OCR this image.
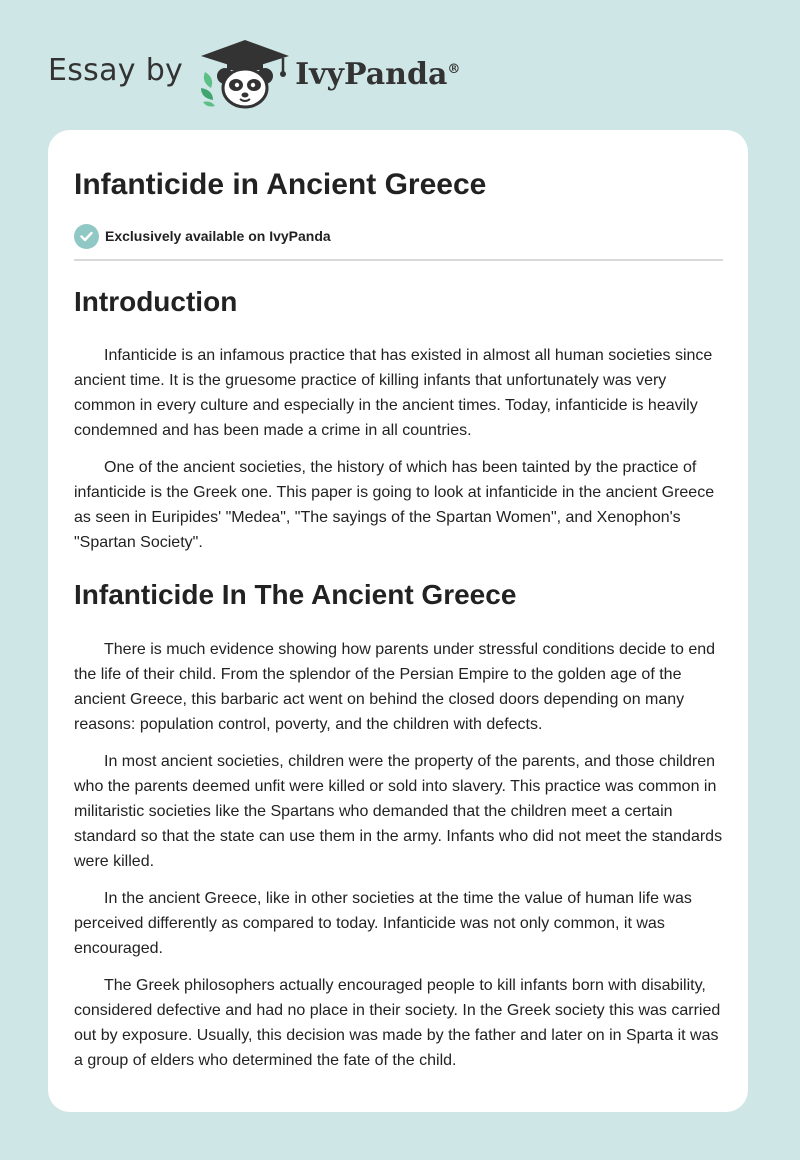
Essay by	IvyPanda®
Infanticide in Ancient Greece
Exclusively available on IvyPanda
Introduction

Infanticide is an infamous practice that has existed in almost all human societies since ancient time. It is the gruesome practice of killing infants that unfortunately was very common in every culture and especially in the ancient times. Today, infanticide is heavily condemned and has been made a crime in all countries.

One of the ancient societies, the history of which has been tainted by the practice of infanticide is the Greek one. This paper is going to look at infanticide in the ancient Greece as seen in Euripides' "Medea", "The sayings of the Spartan Women", and Xenophon's "Spartan Society".

Infanticide In The Ancient Greece

There is much evidence showing how parents under stressful conditions decide to end the life of their child. From the splendor of the Persian Empire to the golden age of the ancient Greece, this barbaric act went on behind the closed doors depending on many reasons: population control, poverty, and the children with defects.

In most ancient societies, children were the property of the parents, and those children who the parents deemed unfit were killed or sold into slavery. This practice was common in militaristic societies like the Spartans who demanded that the children meet a certain standard so that the state can use them in the army. Infants who did not meet the standards were killed.

In the ancient Greece, like in other societies at the time the value of human life was perceived differently as compared to today. Infanticide was not only common, it was encouraged.

The Greek philosophers actually encouraged people to kill infants born with disability, considered defective and had no place in their society. In the Greek society this was carried out by exposure. Usually, this decision was made by the father and later on in Sparta it was a group of elders who determined the fate of the child.
